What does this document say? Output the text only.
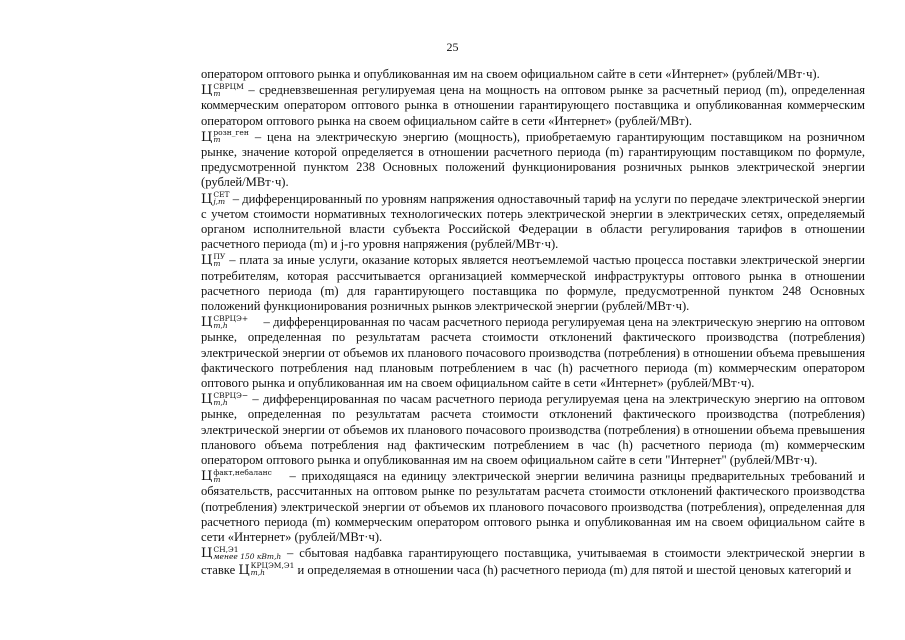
25

оператором оптового рынка и опубликованная им на своем официальном сайте в сети «Интернет» (рублей/МВт·ч).

Ц СВРЦМ
m	– средневзвешенная регулируемая цена на мощность на оптовом рынке за расчетный период (m), определенная коммерческим оператором оптового рынка в отношении гарантирующего поставщика и опубликованная коммерческим оператором оптового рынка на своем официальном сайте в сети «Интернет» (рублей/МВт).

Ц розн_ген
m	– цена на электрическую энергию (мощность), приобретаемую гарантирующим поставщиком на розничном рынке, значение которой определяется в отношении расчетного периода (m) гарантирующим поставщиком по формуле, предусмотренной пунктом 238 Основных положений функционирования розничных рынков электрической энергии (рублей/МВт·ч).

Ц СЕТ
j,m – дифференцированный по уровням напряжения одноставочный тариф на услуги по передаче электрической энергии с учетом стоимости нормативных технологических потерь электрической энергии в электрических сетях, определяемый органом исполнительной власти субъекта Российской Федерации в области регулирования тарифов в отношении расчетного периода (m) и j-го уровня напряжения (рублей/МВт·ч).

Ц ПУ
m – плата за иные услуги, оказание которых является неотъемлемой частью процесса поставки электрической энергии потребителям, которая рассчитывается организацией коммерческой инфраструктуры оптового рынка в отношении расчетного периода (m) для гарантирующего поставщика по формуле, предусмотренной пунктом 248 Основных положений функционирования розничных рынков электрической энергии (рублей/МВт·ч).

Ц СВРЦЭ+
m,h	– дифференцированная по часам расчетного периода регулируемая цена на электрическую энергию на оптовом рынке, определенная по результатам расчета стоимости отклонений фактического производства (потребления) электрической энергии от объемов их планового почасового производства (потребления) в отношении объема превышения фактического потребления над плановым потреблением в час (h) расчетного периода (m) коммерческим оператором оптового рынка и опубликованная им на своем официальном сайте в сети «Интернет» (рублей/МВт·ч).

Ц СВРЦЭ−
m,h	– дифференцированная по часам расчетного периода регулируемая цена на электрическую энергию на оптовом рынке, определенная по результатам расчета стоимости отклонений фактического производства (потребления) электрической энергии от объемов их планового почасового производства (потребления) в отношении объема превышения планового объема потребления над фактическим потреблением в час (h) расчетного периода (m) коммерческим оператором оптового рынка и опубликованная им на своем официальном сайте в сети "Интернет" (рублей/МВт·ч).

Ц факт,небаланс
m	– приходящаяся на единицу электрической энергии величина разницы предварительных требований и обязательств, рассчитанных на оптовом рынке по результатам расчета стоимости отклонений фактического производства (потребления) электрической энергии от объемов их планового почасового производства (потребления), определенная для расчетного периода (m) коммерческим оператором оптового рынка и опубликованная им на своем официальном сайте в сети «Интернет» (рублей/МВт·ч).

Ц СН,Э1
менее 150 кВт,h – сбытовая надбавка гарантирующего поставщика, учитываемая в стоимости электрической энергии в ставке Ц КРЦЭМ,Э1
m,h	и определяемая в отношении часа (h) расчетного периода (m) для пятой и шестой ценовых категорий и
